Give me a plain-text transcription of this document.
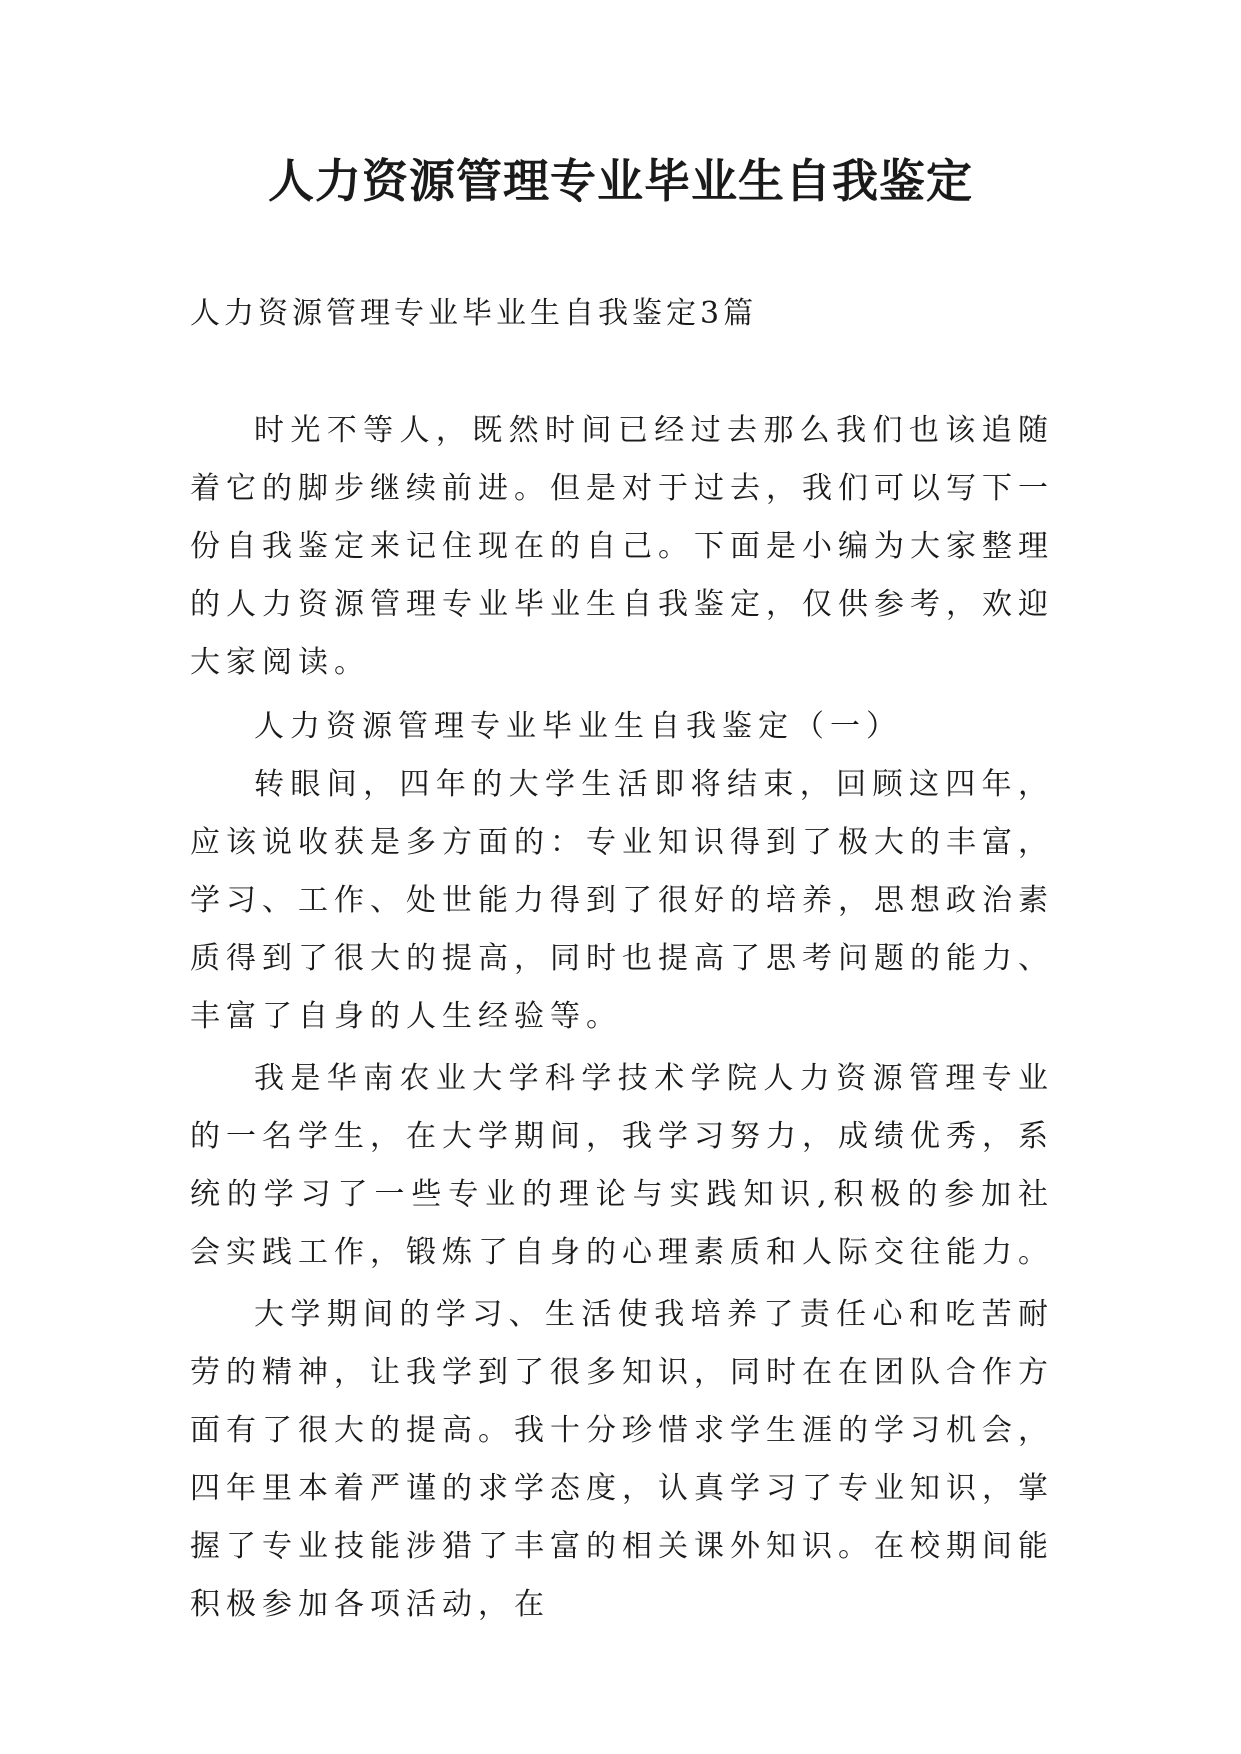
人力资源管理专业毕业生自我鉴定

人力资源管理专业毕业生自我鉴定3篇

时光不等人，既然时间已经过去那么我们也该追随着它的脚步继续前进。但是对于过去，我们可以写下一份自我鉴定来记住现在的自己。下面是小编为大家整理的人力资源管理专业毕业生自我鉴定，仅供参考，欢迎大家阅读。

人力资源管理专业毕业生自我鉴定（一）

转眼间，四年的大学生活即将结束，回顾这四年，应该说收获是多方面的：专业知识得到了极大的丰富，学习、工作、处世能力得到了很好的培养，思想政治素质得到了很大的提高，同时也提高了思考问题的能力、丰富了自身的人生经验等。

我是华南农业大学科学技术学院人力资源管理专业的一名学生，在大学期间，我学习努力，成绩优秀，系统的学习了一些专业的理论与实践知识,积极的参加社会实践工作，锻炼了自身的心理素质和人际交往能力。

大学期间的学习、生活使我培养了责任心和吃苦耐劳的精神，让我学到了很多知识，同时在在团队合作方面有了很大的提高。我十分珍惜求学生涯的学习机会，四年里本着严谨的求学态度，认真学习了专业知识，掌握了专业技能涉猎了丰富的相关课外知识。在校期间能积极参加各项活动，在
